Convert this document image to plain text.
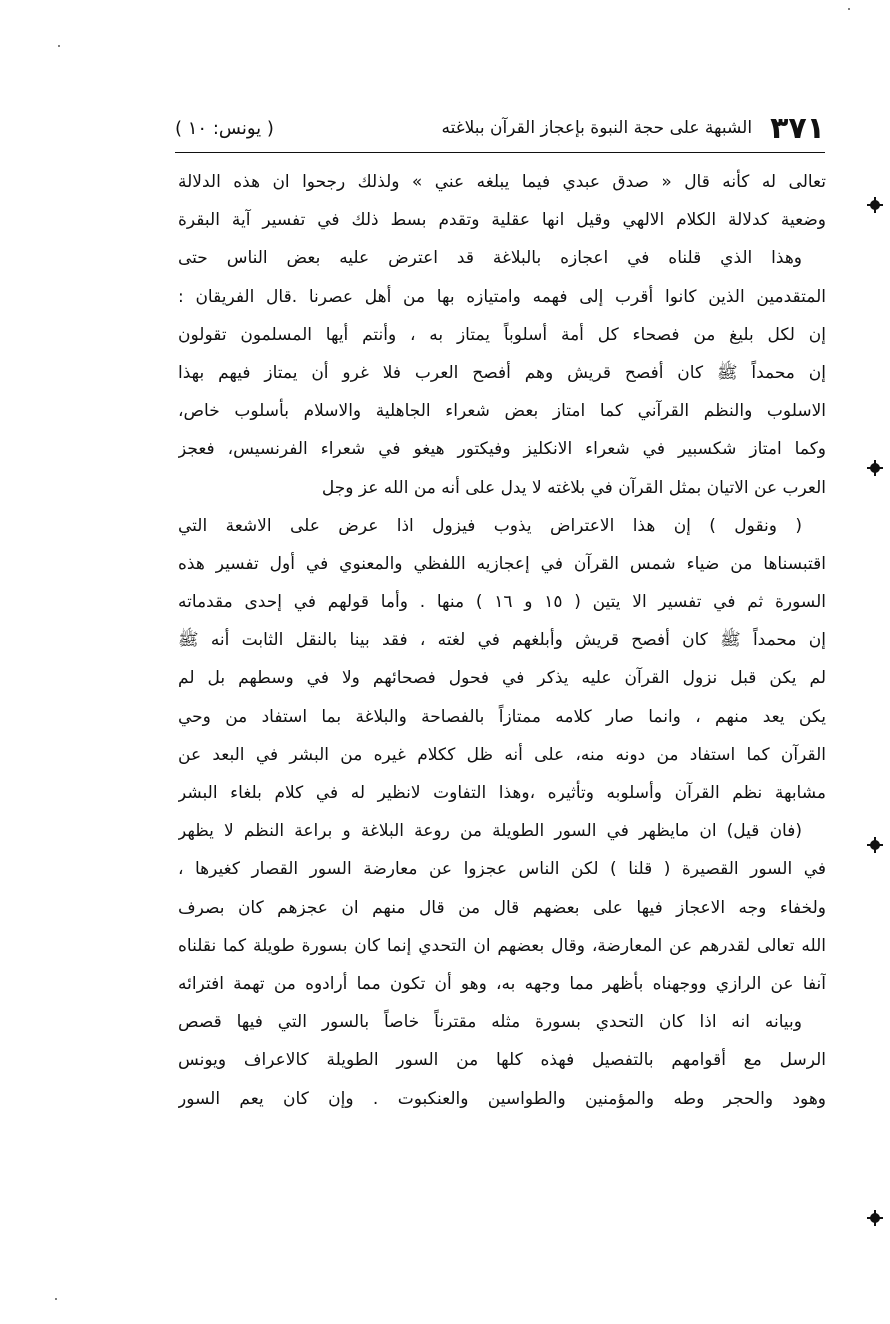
٣٧١
الشبهة على حجة النبوة بإعجاز القرآن ببلاغته
( يونس: ١٠ )
تعالى له كأنه قال « صدق عبدي فيما يبلغه عني » ولذلك رجحوا ان هذه الدلالة
وضعية كدلالة الكلام الالهي وقيل انها عقلية وتقدم بسط ذلك في تفسير آية البقرة
وهذا الذي قلناه في اعجازه بالبلاغة قد اعترض عليه بعض الناس حتى
المتقدمين الذين كانوا أقرب إلى فهمه وامتيازه بها من أهل عصرنا .قال الفريقان :
إن لكل بليغ من فصحاء كل أمة أسلوباً يمتاز به ، وأنتم أيها المسلمون تقولون
إن محمداً ﷺ كان أفصح قريش وهم أفصح العرب فلا غرو أن يمتاز فيهم بهذا
الاسلوب والنظم القرآني كما امتاز بعض شعراء الجاهلية والاسلام بأسلوب خاص،
وكما امتاز شكسبير في شعراء الانكليز وفيكتور هيغو في شعراء الفرنسيس، فعجز
العرب عن الاتيان بمثل القرآن في بلاغته لا يدل على أنه من الله عز وجل
( ونقول ) إن هذا الاعتراض يذوب فيزول اذا عرض على الاشعة التي
اقتبسناها من ضياء شمس القرآن في إعجازيه اللفظي والمعنوي في أول تفسير هذه
السورة ثم في تفسير الا يتين ( ١٥ و ١٦ ) منها . وأما قولهم في إحدى مقدماته
إن محمداً ﷺ كان أفصح قريش وأبلغهم في لغته ، فقد بينا بالنقل الثابت أنه ﷺ
لم يكن قبل نزول القرآن عليه يذكر في فحول فصحائهم ولا في وسطهم بل لم
يكن يعد منهم ، وانما صار كلامه ممتازاً بالفصاحة والبلاغة بما استفاد من وحي
القرآن كما استفاد من دونه منه، على أنه ظل ككلام غيره من البشر في البعد عن
مشابهة نظم القرآن وأسلوبه وتأثيره ،وهذا التفاوت لانظير له في كلام بلغاء البشر
(فان قيل) ان مايظهر في السور الطويلة من روعة البلاغة و براعة النظم لا يظهر
في السور القصيرة ( قلنا ) لكن الناس عجزوا عن معارضة السور القصار كغيرها ،
ولخفاء وجه الاعجاز فيها على بعضهم قال من قال منهم ان عجزهم كان بصرف
الله تعالى لقدرهم عن المعارضة، وقال بعضهم ان التحدي إنما كان بسورة طويلة كما نقلناه
آنفا عن الرازي ووجهناه بأظهر مما وجهه به، وهو أن تكون مما أرادوه من تهمة افترائه
وبيانه انه اذا كان التحدي بسورة مثله مقترناً خاصاً بالسور التي فيها قصص
الرسل مع أقوامهم بالتفصيل فهذه كلها من السور الطويلة كالاعراف ويونس
وهود والحجر وطه والمؤمنين والطواسين والعنكبوت . وإن كان يعم السور
